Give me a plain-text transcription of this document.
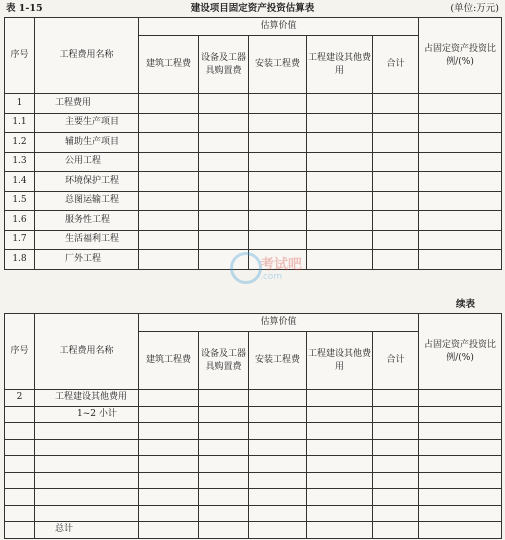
表 1-15	建设项目固定资产投资估算表	(单位:万元)
序号	工程费用名称	估算价值					占固定资产投资比例/(%)
		建筑工程费	设备及工器具购置费	安装工程费	工程建设其他费用	合计	
1	工程费用						
1.1	主要生产项目						
1.2	辅助生产项目						
1.3	公用工程						
1.4	环境保护工程						
1.5	总图运输工程						
1.6	服务性工程						
1.7	生活福利工程						
1.8	厂外工程							考试吧
.com
续表
序号	工程费用名称	估算价值					占固定资产投资比例/(%)
		建筑工程费	设备及工器具购置费	安装工程费	工程建设其他费用	合计	
2	工程建设其他费用						
	1~2 小计						

	总计						
